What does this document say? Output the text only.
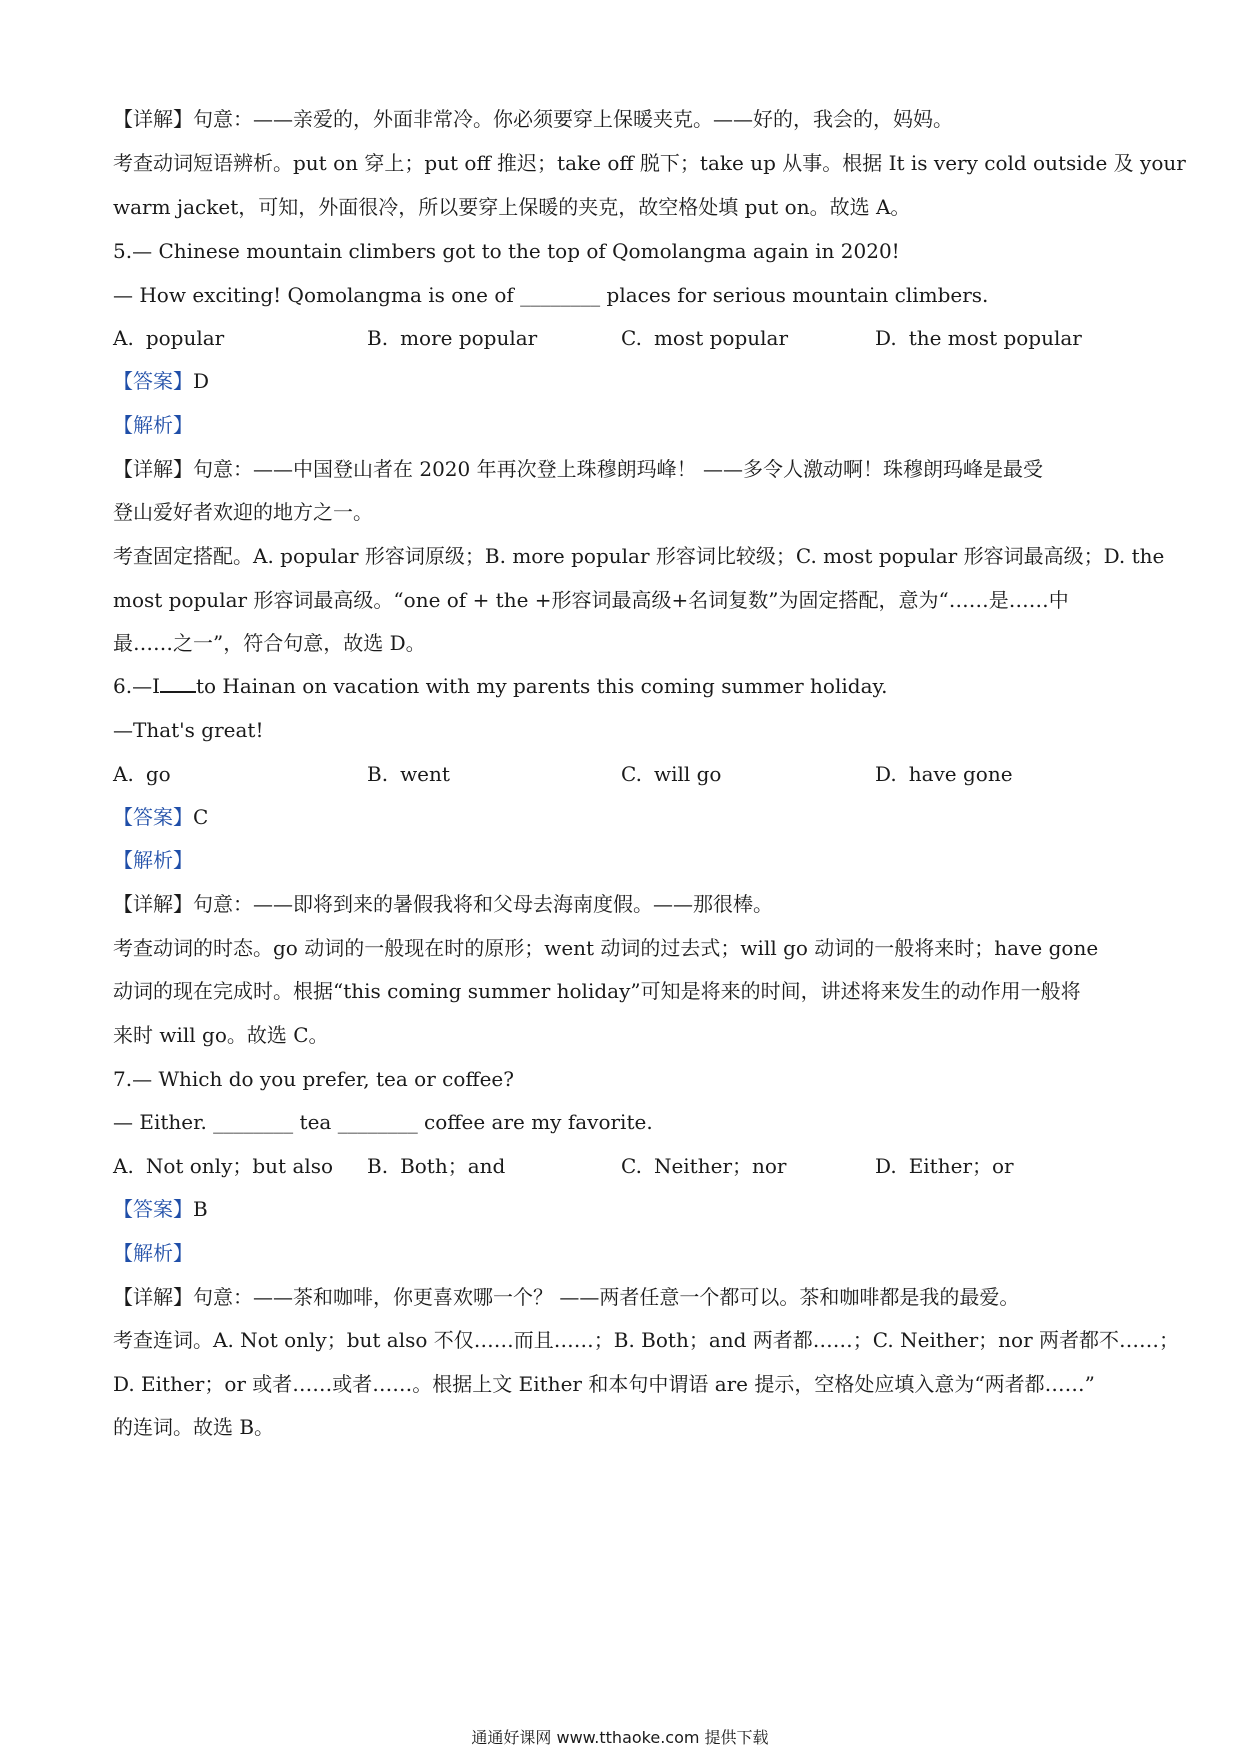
【详解】句意：——亲爱的，外面非常冷。你必须要穿上保暖夹克。——好的，我会的，妈妈。
考查动词短语辨析。put on 穿上；put off 推迟；take off 脱下；take up 从事。根据 It is very cold outside 及 your
warm jacket，可知，外面很冷，所以要穿上保暖的夹克，故空格处填 put on。故选 A。
5.— Chinese mountain climbers got to the top of Qomolangma again in 2020!
— How exciting! Qomolangma is one of ________ places for serious mountain climbers.
A. popular	B. more popular	C. most popular	D. the most popular
【答案】D
【解析】
【详解】句意：——中国登山者在 2020 年再次登上珠穆朗玛峰！ ——多令人激动啊！珠穆朗玛峰是最受
登山爱好者欢迎的地方之一。
考查固定搭配。A. popular 形容词原级；B. more popular 形容词比较级；C. most popular 形容词最高级；D. the
most popular 形容词最高级。“one of + the +形容词最高级+名词复数”为固定搭配，意为“……是……中
最……之一”，符合句意，故选 D。
6.—I to Hainan on vacation with my parents this coming summer holiday.
—That's great!
A. go	B. went	C. will go	D. have gone
【答案】C
【解析】
【详解】句意：——即将到来的暑假我将和父母去海南度假。——那很棒。
考查动词的时态。go 动词的一般现在时的原形；went 动词的过去式；will go 动词的一般将来时；have gone
动词的现在完成时。根据“this coming summer holiday”可知是将来的时间，讲述将来发生的动作用一般将
来时 will go。故选 C。
7.— Which do you prefer, tea or coffee?
— Either. ________ tea ________ coffee are my favorite.
A. Not only；but also B. Both；and	C. Neither；nor	D. Either；or
【答案】B
【解析】
【详解】句意：——茶和咖啡，你更喜欢哪一个？ ——两者任意一个都可以。茶和咖啡都是我的最爱。
考查连词。A. Not only；but also 不仅……而且……；B. Both；and 两者都……；C. Neither；nor 两者都不……；
D. Either；or 或者……或者……。根据上文 Either 和本句中谓语 are 提示，空格处应填入意为“两者都……”
的连词。故选 B。
通通好课网 www.tthaoke.com 提供下载
